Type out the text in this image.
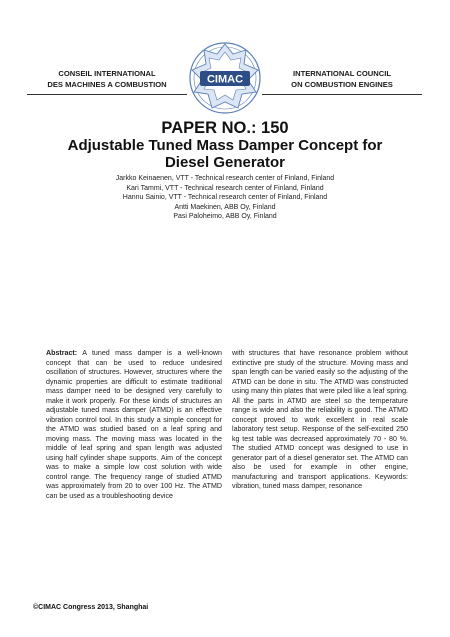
CONSEIL INTERNATIONAL
DES MACHINES A COMBUSTION	CIMAC	INTERNATIONAL COUNCIL
ON COMBUSTION ENGINES
PAPER NO.: 150
Adjustable Tuned Mass Damper Concept for
Diesel Generator
Jarkko Keinaenen, VTT - Technical research center of Finland, Finland
Kari Tammi, VTT - Technical research center of Finland, Finland
Hannu Sainio, VTT - Technical research center of Finland, Finland
Antti Maekinen, ABB Oy, Finland
Pasi Paloheimo, ABB Oy, Finland
Abstract: A tuned mass damper is a well-known concept that can be used to reduce undesired oscillation of structures. However, structures where the dynamic properties are difficult to estimate traditional mass damper need to be designed very carefully to make it work properly. For these kinds of structures an adjustable tuned mass damper (ATMD) is an effective vibration control tool. In this study a simple concept for the ATMD was studied based on a leaf spring and moving mass. The moving mass was located in the middle of leaf spring and span length was adjusted using half cylinder shape supports. Aim of the concept was to make a simple low cost solution with wide control range. The frequency range of studied ATMD was approximately from 20 to over 100 Hz. The ATMD can be used as a troubleshooting device
with structures that have resonance problem without extinctive pre study of the structure. Moving mass and span length can be varied easily so the adjusting of the ATMD can be done in situ. The ATMD was constructed using many thin plates that were piled like a leaf spring. All the parts in ATMD are steel so the temperature range is wide and also the reliability is good. The ATMD concept proved to work excellent in real scale laboratory test setup. Response of the self-excited 250 kg test table was decreased approximately 70 - 80 %. The studied ATMD concept was designed to use in generator part of a diesel generator set. The ATMD can also be used for example in other engine, manufacturing and transport applications. Keywords: vibration, tuned mass damper, resonance
©CIMAC Congress 2013, Shanghai
